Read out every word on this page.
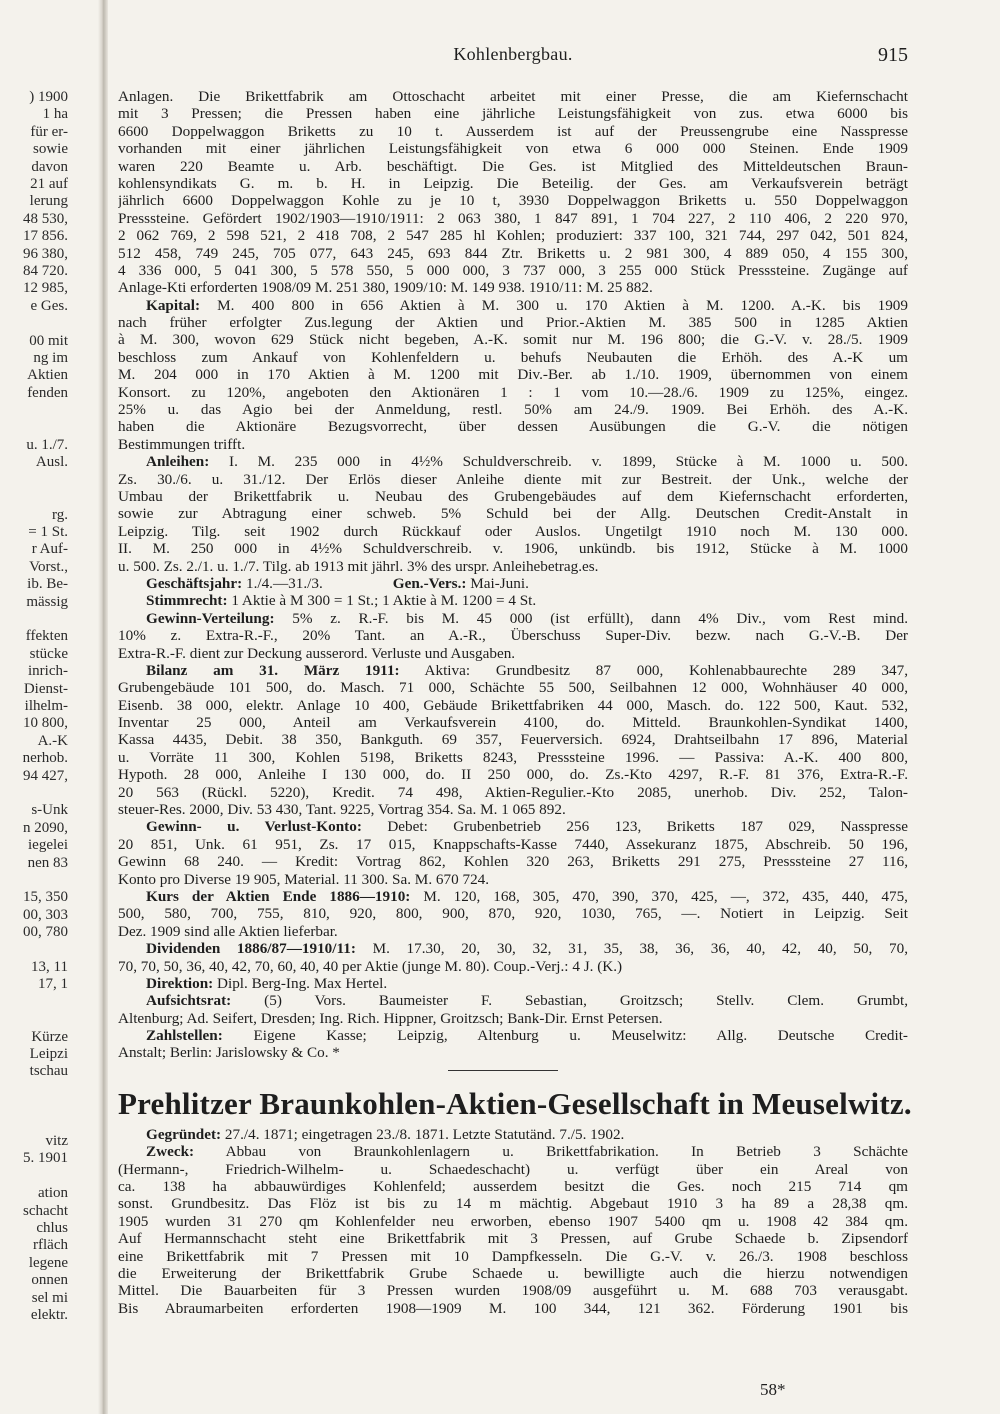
) 1900
1 ha
für er-
sowie
davon
21 auf
lerung
48 530,
17 856.
96 380,
84 720.
12 985,
e Ges.
00 mit
ng im
Aktien
fenden
u. 1./7.
Ausl.
rg.
= 1 St.
r Auf-
Vorst.,
ib. Be-
mässig
ffekten
stücke
inrich-
Dienst-
ilhelm-
10 800,
A.-K
nerhob.
94 427,
s-Unk
n 2090,
iegelei
nen 83
15, 350
00, 303
00, 780
13, 11
17, 1
Kürze
Leipzi
tschau
vitz
5. 1901
ation
schacht
chlus
rfläch
legene
onnen
sel mi
elektr.
Kohlenbergbau.	915
Anlagen. Die Brikettfabrik am Ottoschacht arbeitet mit einer Presse, die am Kiefernschacht
mit 3 Pressen; die Pressen haben eine jährliche Leistungsfähigkeit von zus. etwa 6000 bis
6600 Doppelwaggon Briketts zu 10 t. Ausserdem ist auf der Preussengrube eine Nasspresse
vorhanden mit einer jährlichen Leistungsfähigkeit von etwa 6 000 000 Steinen. Ende 1909
waren 220 Beamte u. Arb. beschäftigt. Die Ges. ist Mitglied des Mitteldeutschen Braun-
kohlensyndikats G. m. b. H. in Leipzig. Die Beteilig. der Ges. am Verkaufsverein beträgt
jährlich 6600 Doppelwaggon Kohle zu je 10 t, 3930 Doppelwaggon Briketts u. 550 Doppelwaggon
Presssteine. Gefördert 1902/1903—1910/1911: 2 063 380, 1 847 891, 1 704 227, 2 110 406, 2 220 970,
2 062 769, 2 598 521, 2 418 708, 2 547 285 hl Kohlen; produziert: 337 100, 321 744, 297 042, 501 824,
512 458, 749 245, 705 077, 643 245, 693 844 Ztr. Briketts u. 2 981 300, 4 889 050, 4 155 300,
4 336 000, 5 041 300, 5 578 550, 5 000 000, 3 737 000, 3 255 000 Stück Presssteine. Zugänge auf
Anlage-Kti erforderten 1908/09 M. 251 380, 1909/10: M. 149 938. 1910/11: M. 25 882.
Kapital: M. 400 800 in 656 Aktien à M. 300 u. 170 Aktien à M. 1200. A.-K. bis 1909
nach früher erfolgter Zus.legung der Aktien und Prior.-Aktien M. 385 500 in 1285 Aktien
à M. 300, wovon 629 Stück nicht begeben, A.-K. somit nur M. 196 800; die G.-V. v. 28./5. 1909
beschloss zum Ankauf von Kohlenfeldern u. behufs Neubauten die Erhöh. des A.-K um
M. 204 000 in 170 Aktien à M. 1200 mit Div.-Ber. ab 1./10. 1909, übernommen von einem
Konsort. zu 120%, angeboten den Aktionären 1 : 1 vom 10.—28./6. 1909 zu 125%, eingez.
25% u. das Agio bei der Anmeldung, restl. 50% am 24./9. 1909. Bei Erhöh. des A.-K.
haben die Aktionäre Bezugsvorrecht, über dessen Ausübungen die G.-V. die nötigen
Bestimmungen trifft.
Anleihen: I. M. 235 000 in 4½% Schuldverschreib. v. 1899, Stücke à M. 1000 u. 500.
Zs. 30./6. u. 31./12. Der Erlös dieser Anleihe diente mit zur Bestreit. der Unk., welche der
Umbau der Brikettfabrik u. Neubau des Grubengebäudes auf dem Kiefernschacht erforderten,
sowie zur Abtragung einer schweb. 5% Schuld bei der Allg. Deutschen Credit-Anstalt in
Leipzig. Tilg. seit 1902 durch Rückkauf oder Auslos. Ungetilgt 1910 noch M. 130 000.
II. M. 250 000 in 4½% Schuldverschreib. v. 1906, unkündb. bis 1912, Stücke à M. 1000
u. 500. Zs. 2./1. u. 1./7. Tilg. ab 1913 mit jährl. 3% des urspr. Anleihebetrag.es.
Geschäftsjahr: 1./4.—31./3.	Gen.-Vers.: Mai-Juni.
Stimmrecht: 1 Aktie à M 300 = 1 St.; 1 Aktie à M. 1200 = 4 St.
Gewinn-Verteilung: 5% z. R.-F. bis M. 45 000 (ist erfüllt), dann 4% Div., vom Rest mind.
10% z. Extra-R.-F., 20% Tant. an A.-R., Überschuss Super-Div. bezw. nach G.-V.-B. Der
Extra-R.-F. dient zur Deckung ausserord. Verluste und Ausgaben.
Bilanz am 31. März 1911: Aktiva: Grundbesitz 87 000, Kohlenabbaurechte 289 347,
Grubengebäude 101 500, do. Masch. 71 000, Schächte 55 500, Seilbahnen 12 000, Wohnhäuser 40 000,
Eisenb. 38 000, elektr. Anlage 10 400, Gebäude Brikettfabriken 44 000, Masch. do. 122 500, Kaut. 532,
Inventar 25 000, Anteil am Verkaufsverein 4100, do. Mitteld. Braunkohlen-Syndikat 1400,
Kassa 4435, Debit. 38 350, Bankguth. 69 357, Feuerversich. 6924, Drahtseilbahn 17 896, Material
u. Vorräte 11 300, Kohlen 5198, Briketts 8243, Presssteine 1996. — Passiva: A.-K. 400 800,
Hypoth. 28 000, Anleihe I 130 000, do. II 250 000, do. Zs.-Kto 4297, R.-F. 81 376, Extra-R.-F.
20 563 (Rückl. 5220), Kredit. 74 498, Aktien-Regulier.-Kto 2085, unerhob. Div. 252, Talon-
steuer-Res. 2000, Div. 53 430, Tant. 9225, Vortrag 354. Sa. M. 1 065 892.
Gewinn- u. Verlust-Konto: Debet: Grubenbetrieb 256 123, Briketts 187 029, Nasspresse
20 851, Unk. 61 951, Zs. 17 015, Knappschafts-Kasse 7440, Assekuranz 1875, Abschreib. 50 196,
Gewinn 68 240. — Kredit: Vortrag 862, Kohlen 320 263, Briketts 291 275, Presssteine 27 116,
Konto pro Diverse 19 905, Material. 11 300. Sa. M. 670 724.
Kurs der Aktien Ende 1886—1910: M. 120, 168, 305, 470, 390, 370, 425, —, 372, 435, 440, 475,
500, 580, 700, 755, 810, 920, 800, 900, 870, 920, 1030, 765, —. Notiert in Leipzig. Seit
Dez. 1909 sind alle Aktien lieferbar.
Dividenden 1886/87—1910/11: M. 17.30, 20, 30, 32, 31, 35, 38, 36, 36, 40, 42, 40, 50, 70,
70, 70, 50, 36, 40, 42, 70, 60, 40, 40 per Aktie (junge M. 80). Coup.-Verj.: 4 J. (K.)
Direktion: Dipl. Berg-Ing. Max Hertel.
Aufsichtsrat: (5) Vors. Baumeister F. Sebastian, Groitzsch; Stellv. Clem. Grumbt,
Altenburg; Ad. Seifert, Dresden; Ing. Rich. Hippner, Groitzsch; Bank-Dir. Ernst Petersen.
Zahlstellen: Eigene Kasse; Leipzig, Altenburg u. Meuselwitz: Allg. Deutsche Credit-
Anstalt; Berlin: Jarislowsky & Co. *
Prehlitzer Braunkohlen-Aktien-Gesellschaft in Meuselwitz.
Gegründet: 27./4. 1871; eingetragen 23./8. 1871. Letzte Statutänd. 7./5. 1902.
Zweck: Abbau von Braunkohlenlagern u. Brikettfabrikation. In Betrieb 3 Schächte
(Hermann-, Friedrich-Wilhelm- u. Schaedeschacht) u. verfügt über ein Areal von
ca. 138 ha abbauwürdiges Kohlenfeld; ausserdem besitzt die Ges. noch 215 714 qm
sonst. Grundbesitz. Das Flöz ist bis zu 14 m mächtig. Abgebaut 1910 3 ha 89 a 28,38 qm.
1905 wurden 31 270 qm Kohlenfelder neu erworben, ebenso 1907 5400 qm u. 1908 42 384 qm.
Auf Hermannschacht steht eine Brikettfabrik mit 3 Pressen, auf Grube Schaede b. Zipsendorf
eine Brikettfabrik mit 7 Pressen mit 10 Dampfkesseln. Die G.-V. v. 26./3. 1908 beschloss
die Erweiterung der Brikettfabrik Grube Schaede u. bewilligte auch die hierzu notwendigen
Mittel. Die Bauarbeiten für 3 Pressen wurden 1908/09 ausgeführt u. M. 688 703 verausgabt.
Bis Abraumarbeiten erforderten 1908—1909 M. 100 344, 121 362. Förderung 1901 bis
58*
